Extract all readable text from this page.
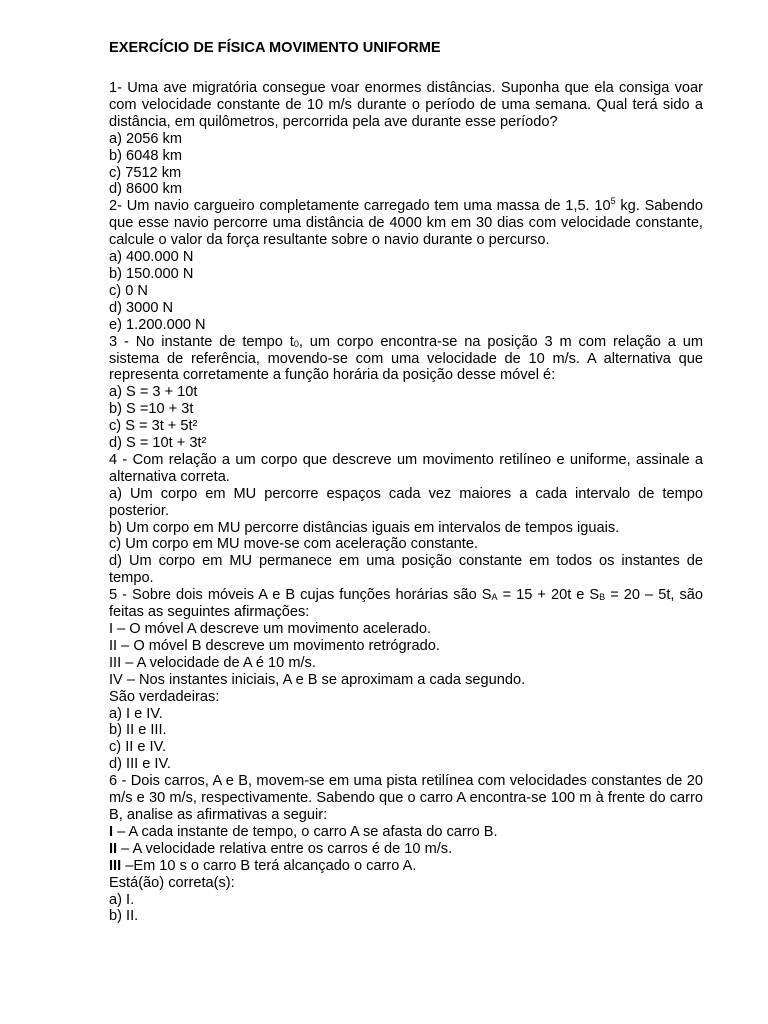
EXERCÍCIO DE FÍSICA MOVIMENTO UNIFORME

1- Uma ave migratória consegue voar enormes distâncias. Suponha que ela consiga voar com velocidade constante de 10 m/s durante o período de uma semana. Qual terá sido a distância, em quilômetros, percorrida pela ave durante esse período?

a) 2056 km

b) 6048 km

c) 7512 km

d) 8600 km

2- Um navio cargueiro completamente carregado tem uma massa de 1,5. $10^5$ kg. Sabendo que esse navio percorre uma distância de 4000 km em 30 dias com velocidade constante, calcule o valor da força resultante sobre o navio durante o percurso.

a) 400.000 N

b) 150.000 N

c) 0 N

d) 3000 N

e) 1.200.000 N

3 - No instante de tempo $t_0$, um corpo encontra-se na posição 3 m com relação a um sistema de referência, movendo-se com uma velocidade de 10 m/s. A alternativa que representa corretamente a função horária da posição desse móvel é:

a) S = 3 + 10t

b) S =10 + 3t

c) S = 3t + 5t²

d) S = 10t + 3t²

4 - Com relação a um corpo que descreve um movimento retilíneo e uniforme, assinale a alternativa correta.

a) Um corpo em MU percorre espaços cada vez maiores a cada intervalo de tempo posterior.

b) Um corpo em MU percorre distâncias iguais em intervalos de tempos iguais.

c) Um corpo em MU move-se com aceleração constante.

d) Um corpo em MU permanece em uma posição constante em todos os instantes de tempo.

5 - Sobre dois móveis A e B cujas funções horárias são $S_A = 15 + 20t$ e $S_B = 20 - 5t$, são feitas as seguintes afirmações:

I – O móvel A descreve um movimento acelerado.

II – O móvel B descreve um movimento retrógrado.

III – A velocidade de A é 10 m/s.

IV – Nos instantes iniciais, A e B se aproximam a cada segundo.

São verdadeiras:

a) I e IV.

b) II e III.

c) II e IV.

d) III e IV.

6 - Dois carros, A e B, movem-se em uma pista retilínea com velocidades constantes de 20 m/s e 30 m/s, respectivamente. Sabendo que o carro A encontra-se 100 m à frente do carro B, analise as afirmativas a seguir:

I – A cada instante de tempo, o carro A se afasta do carro B.

II – A velocidade relativa entre os carros é de 10 m/s.

III –Em 10 s o carro B terá alcançado o carro A.

Está(ão) correta(s):

a) I.

b) II.
